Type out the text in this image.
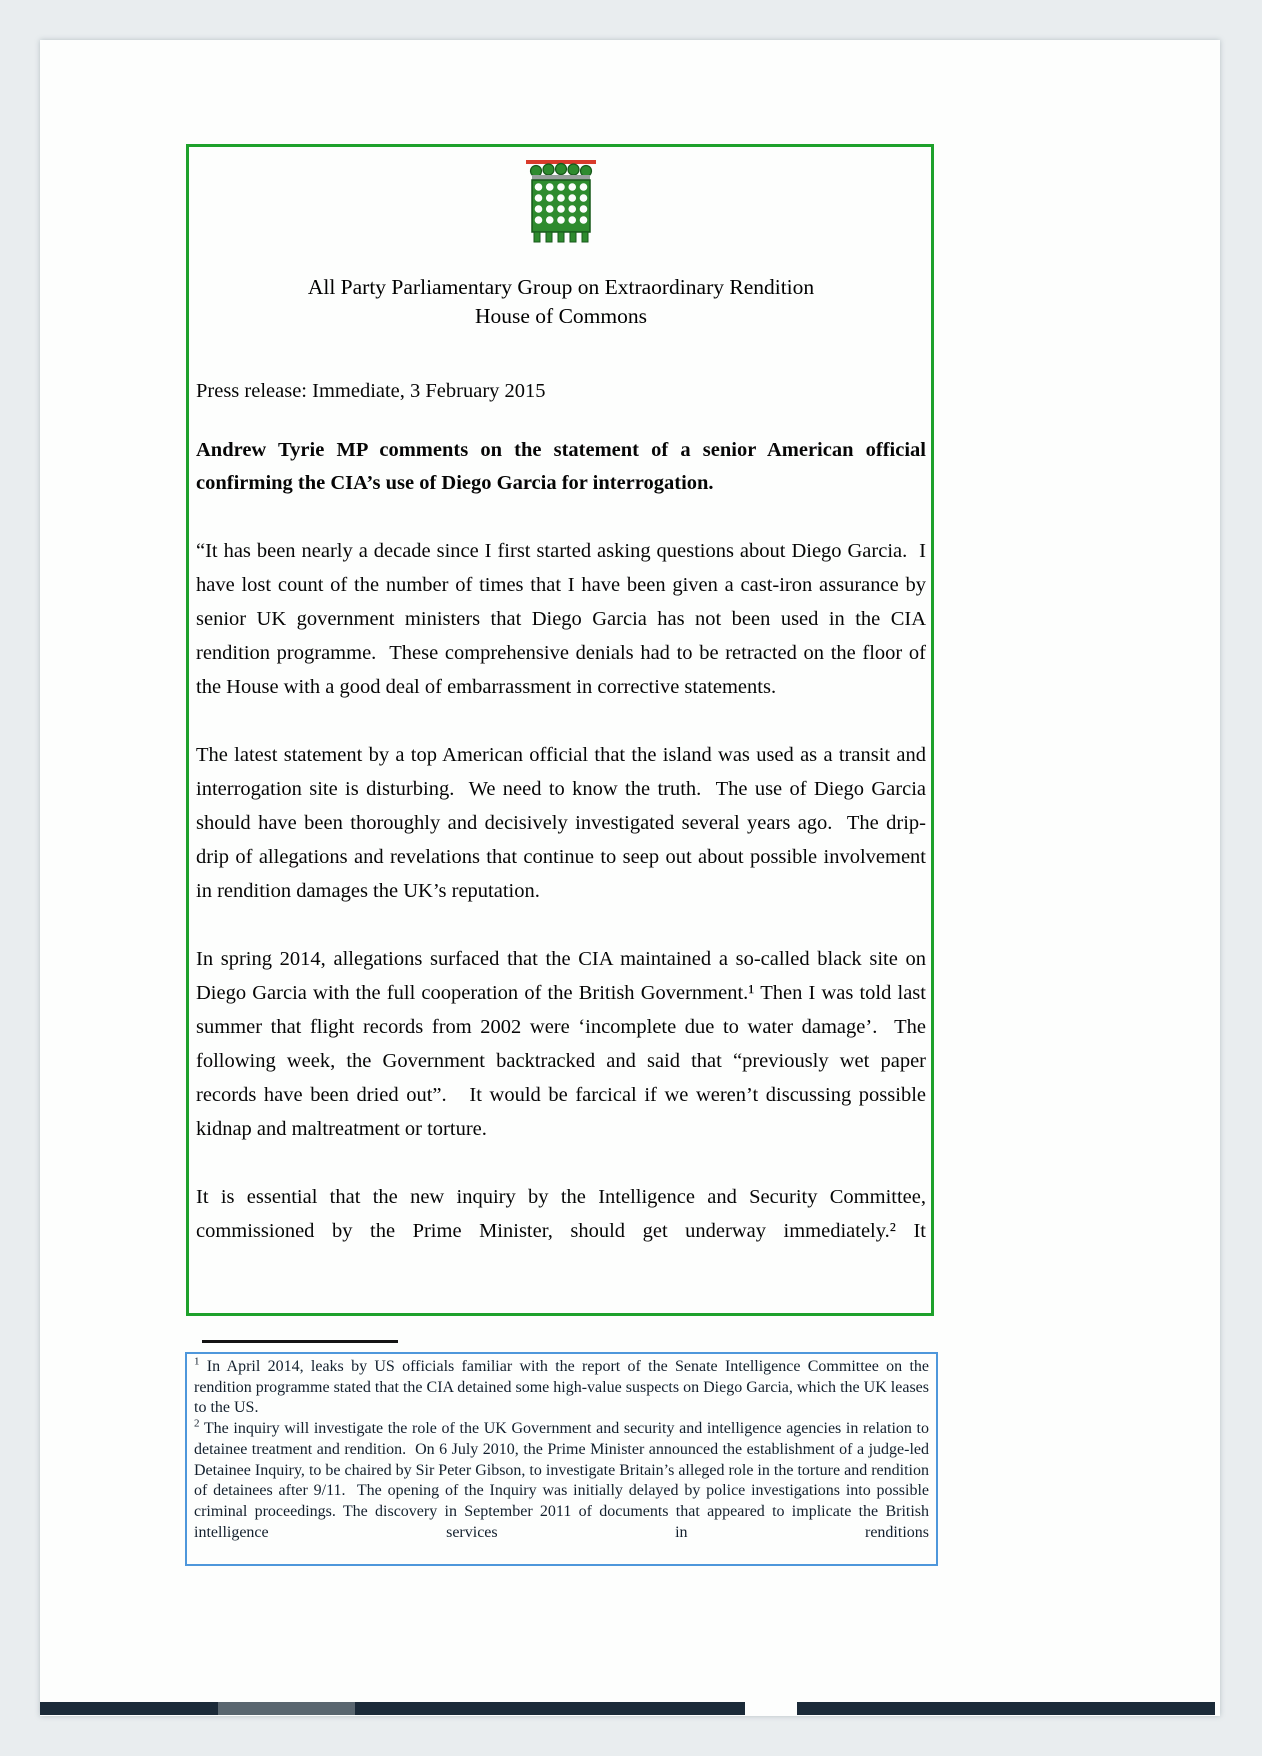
All Party Parliamentary Group on Extraordinary Rendition
House of Commons

Press release: Immediate, 3 February 2015

Andrew Tyrie MP comments on the statement of a senior American official confirming the CIA’s use of Diego Garcia for interrogation.

“It has been nearly a decade since I first started asking questions about Diego Garcia.  I have lost count of the number of times that I have been given a cast-iron assurance by senior UK government ministers that Diego Garcia has not been used in the CIA rendition programme.  These comprehensive denials had to be retracted on the floor of the House with a good deal of embarrassment in corrective statements.

The latest statement by a top American official that the island was used as a transit and interrogation site is disturbing.  We need to know the truth.  The use of Diego Garcia should have been thoroughly and decisively investigated several years ago.  The drip-drip of allegations and revelations that continue to seep out about possible involvement in rendition damages the UK’s reputation.

In spring 2014, allegations surfaced that the CIA maintained a so-called black site on Diego Garcia with the full cooperation of the British Government.¹ Then I was told last summer that flight records from 2002 were ‘incomplete due to water damage’.  The following week, the Government backtracked and said that “previously wet paper records have been dried out”.   It would be farcical if we weren’t discussing possible kidnap and maltreatment or torture.

It is essential that the new inquiry by the Intelligence and Security Committee, commissioned by the Prime Minister, should get underway immediately.² It

$^1$ In April 2014, leaks by US officials familiar with the report of the Senate Intelligence Committee on the rendition programme stated that the CIA detained some high-value suspects on Diego Garcia, which the UK leases to the US.

$^2$ The inquiry will investigate the role of the UK Government and security and intelligence agencies in relation to detainee treatment and rendition.  On 6 July 2010, the Prime Minister announced the establishment of a judge-led Detainee Inquiry, to be chaired by Sir Peter Gibson, to investigate Britain’s alleged role in the torture and rendition of detainees after 9/11.  The opening of the Inquiry was initially delayed by police investigations into possible criminal proceedings. The discovery in September 2011 of documents that appeared to implicate the British intelligence services in renditions
